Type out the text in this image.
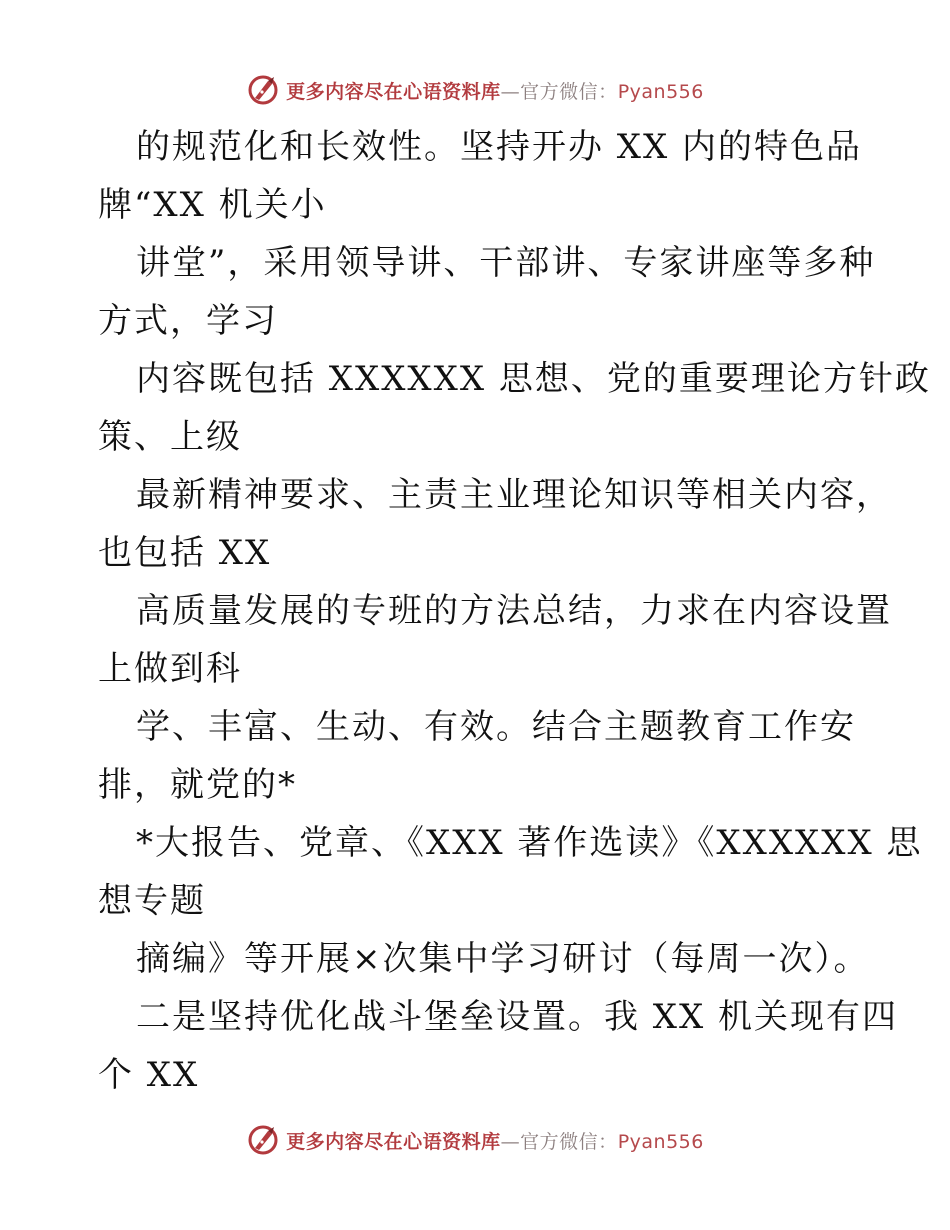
更多内容尽在心语资料库—官方微信：Pyan556
的规范化和长效性。坚持开办 XX 内的特色品
牌“XX 机关小
讲堂”，采用领导讲、干部讲、专家讲座等多种
方式，学习
内容既包括 XXXXXX 思想、党的重要理论方针政
策、上级
最新精神要求、主责主业理论知识等相关内容，
也包括 XX
高质量发展的专班的方法总结，力求在内容设置
上做到科
学、丰富、生动、有效。结合主题教育工作安
排，就党的*
*大报告、党章、《XXX 著作选读》《XXXXXX 思
想专题
摘编》等开展×次集中学习研讨（每周一次）。
二是坚持优化战斗堡垒设置。我 XX 机关现有四
个 XX
更多内容尽在心语资料库—官方微信：Pyan556
